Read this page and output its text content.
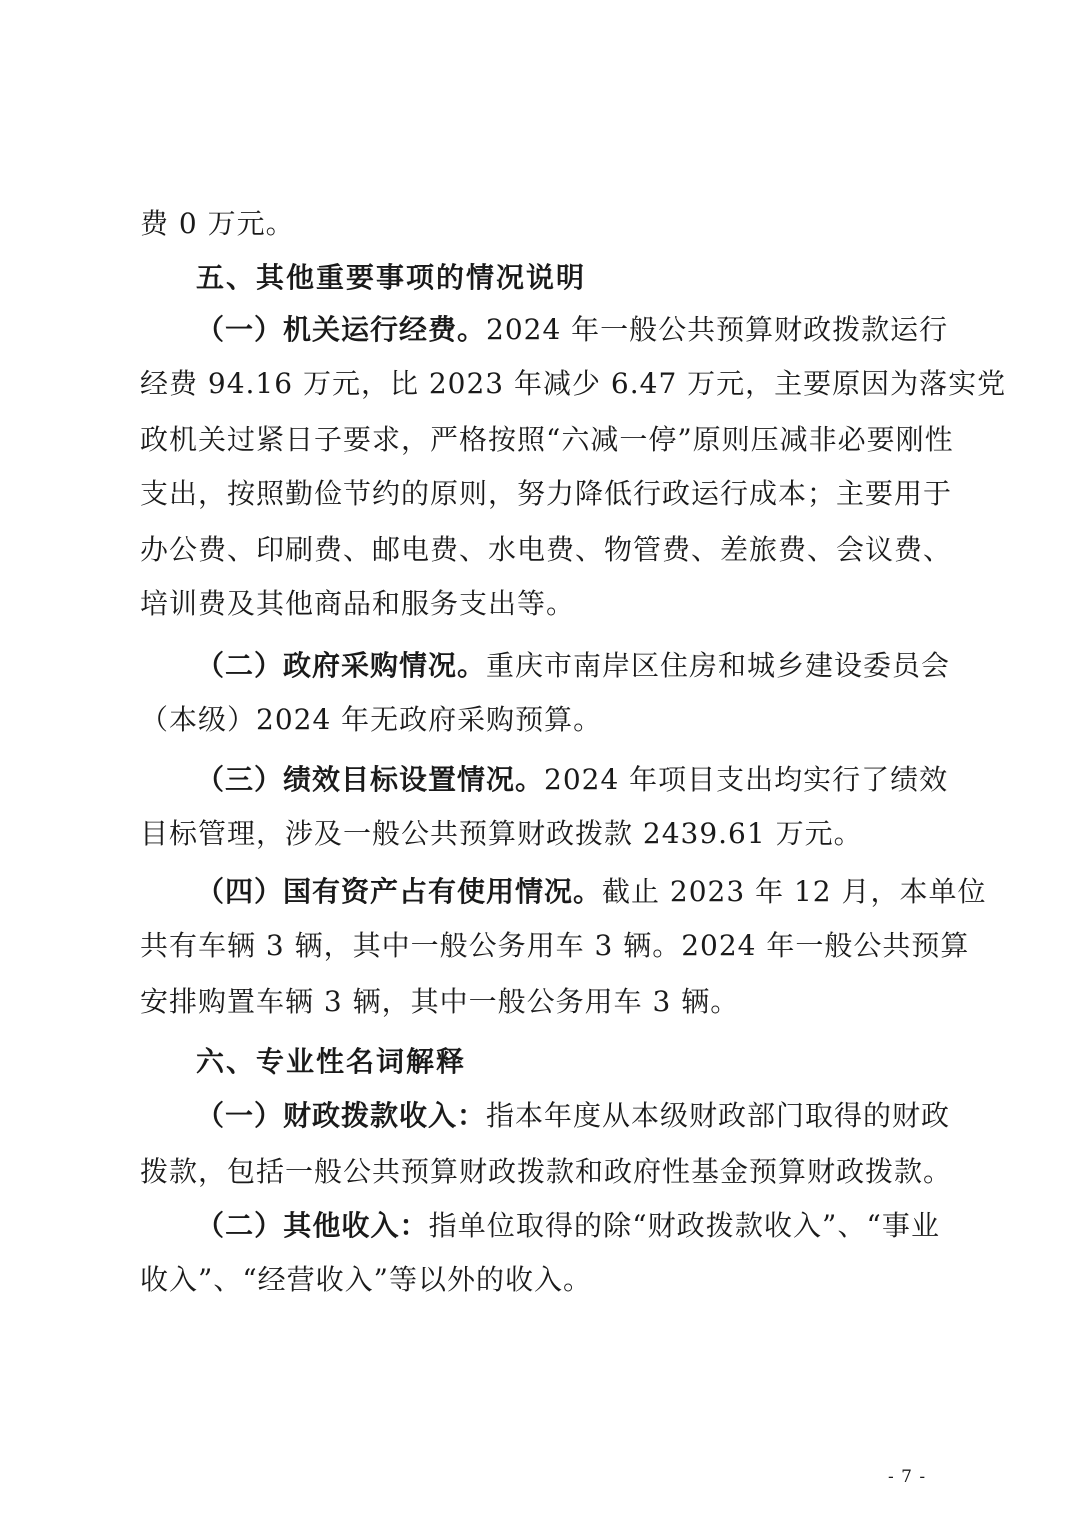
费 0 万元。
五、其他重要事项的情况说明
（一）机关运行经费。2024 年一般公共预算财政拨款运行
经费 94.16 万元，比 2023 年减少 6.47 万元，主要原因为落实党
政机关过紧日子要求，严格按照“六减一停”原则压减非必要刚性
支出，按照勤俭节约的原则，努力降低行政运行成本；主要用于
办公费、印刷费、邮电费、水电费、物管费、差旅费、会议费、
培训费及其他商品和服务支出等。
（二）政府采购情况。重庆市南岸区住房和城乡建设委员会
（本级）2024 年无政府采购预算。
（三）绩效目标设置情况。2024 年项目支出均实行了绩效
目标管理，涉及一般公共预算财政拨款 2439.61 万元。
（四）国有资产占有使用情况。截止 2023 年 12 月，本单位
共有车辆 3 辆，其中一般公务用车 3 辆。2024 年一般公共预算
安排购置车辆 3 辆，其中一般公务用车 3 辆。
六、专业性名词解释
（一）财政拨款收入：指本年度从本级财政部门取得的财政
拨款，包括一般公共预算财政拨款和政府性基金预算财政拨款。
（二）其他收入：指单位取得的除“财政拨款收入”、“事业
收入”、“经营收入”等以外的收入。
- 7 -
